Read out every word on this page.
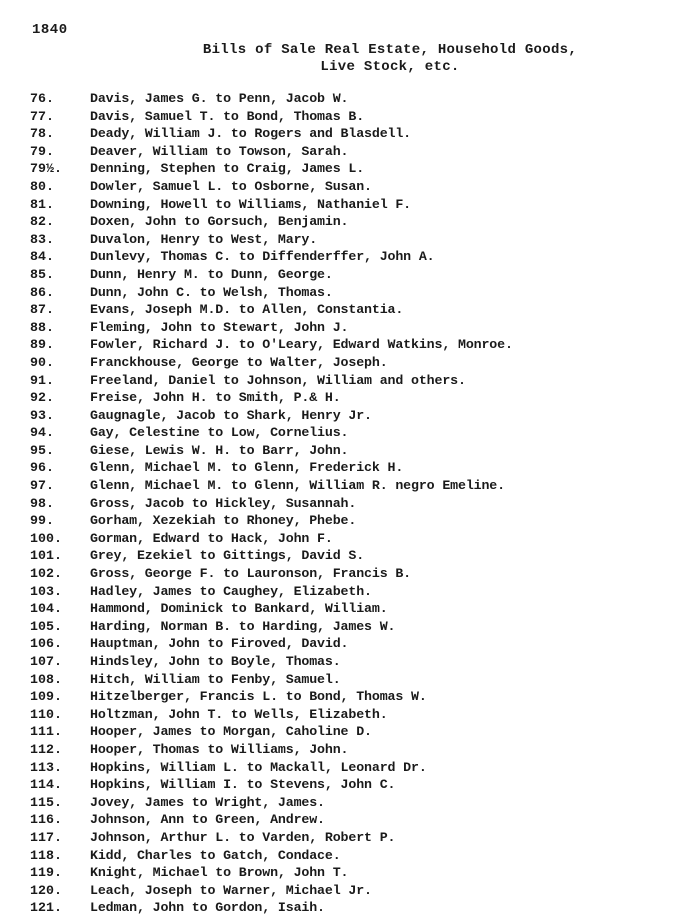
1840
Bills of Sale Real Estate, Household Goods,
Live Stock, etc.
76.	Davis, James G. to Penn, Jacob W.
77.	Davis, Samuel T. to Bond, Thomas B.
78.	Deady, William J. to Rogers and Blasdell.
79.	Deaver, William to Towson, Sarah.
79½.	Denning, Stephen to Craig, James L.
80.	Dowler, Samuel L. to Osborne, Susan.
81.	Downing, Howell to Williams, Nathaniel F.
82.	Doxen, John to Gorsuch, Benjamin.
83.	Duvalon, Henry to West, Mary.
84.	Dunlevy, Thomas C. to Diffenderffer, John A.
85.	Dunn, Henry M. to Dunn, George.
86.	Dunn, John C. to Welsh, Thomas.
87.	Evans, Joseph M.D. to Allen, Constantia.
88.	Fleming, John to Stewart, John J.
89.	Fowler, Richard J. to O'Leary, Edward Watkins, Monroe.
90.	Franckhouse, George to Walter, Joseph.
91.	Freeland, Daniel to Johnson, William and others.
92.	Freise, John H. to Smith, P.& H.
93.	Gaugnagle, Jacob to Shark, Henry Jr.
94.	Gay, Celestine to Low, Cornelius.
95.	Giese, Lewis W. H. to Barr, John.
96.	Glenn, Michael M. to Glenn, Frederick H.
97.	Glenn, Michael M. to Glenn, William R. negro Emeline.
98.	Gross, Jacob to Hickley, Susannah.
99.	Gorham, Xezekiah to Rhoney, Phebe.
100.	Gorman, Edward to Hack, John F.
101.	Grey, Ezekiel to Gittings, David S.
102.	Gross, George F. to Lauronson, Francis B.
103.	Hadley, James to Caughey, Elizabeth.
104.	Hammond, Dominick to Bankard, William.
105.	Harding, Norman B. to Harding, James W.
106.	Hauptman, John to Firoved, David.
107.	Hindsley, John to Boyle, Thomas.
108.	Hitch, William to Fenby, Samuel.
109.	Hitzelberger, Francis L. to Bond, Thomas W.
110.	Holtzman, John T. to Wells, Elizabeth.
111.	Hooper, James to Morgan, Caholine D.
112.	Hooper, Thomas to Williams, John.
113.	Hopkins, William L. to Mackall, Leonard Dr.
114.	Hopkins, William I. to Stevens, John C.
115.	Jovey, James to Wright, James.
116.	Johnson, Ann to Green, Andrew.
117.	Johnson, Arthur L. to Varden, Robert P.
118.	Kidd, Charles to Gatch, Condace.
119.	Knight, Michael to Brown, John T.
120.	Leach, Joseph to Warner, Michael Jr.
121.	Ledman, John to Gordon, Isaih.
